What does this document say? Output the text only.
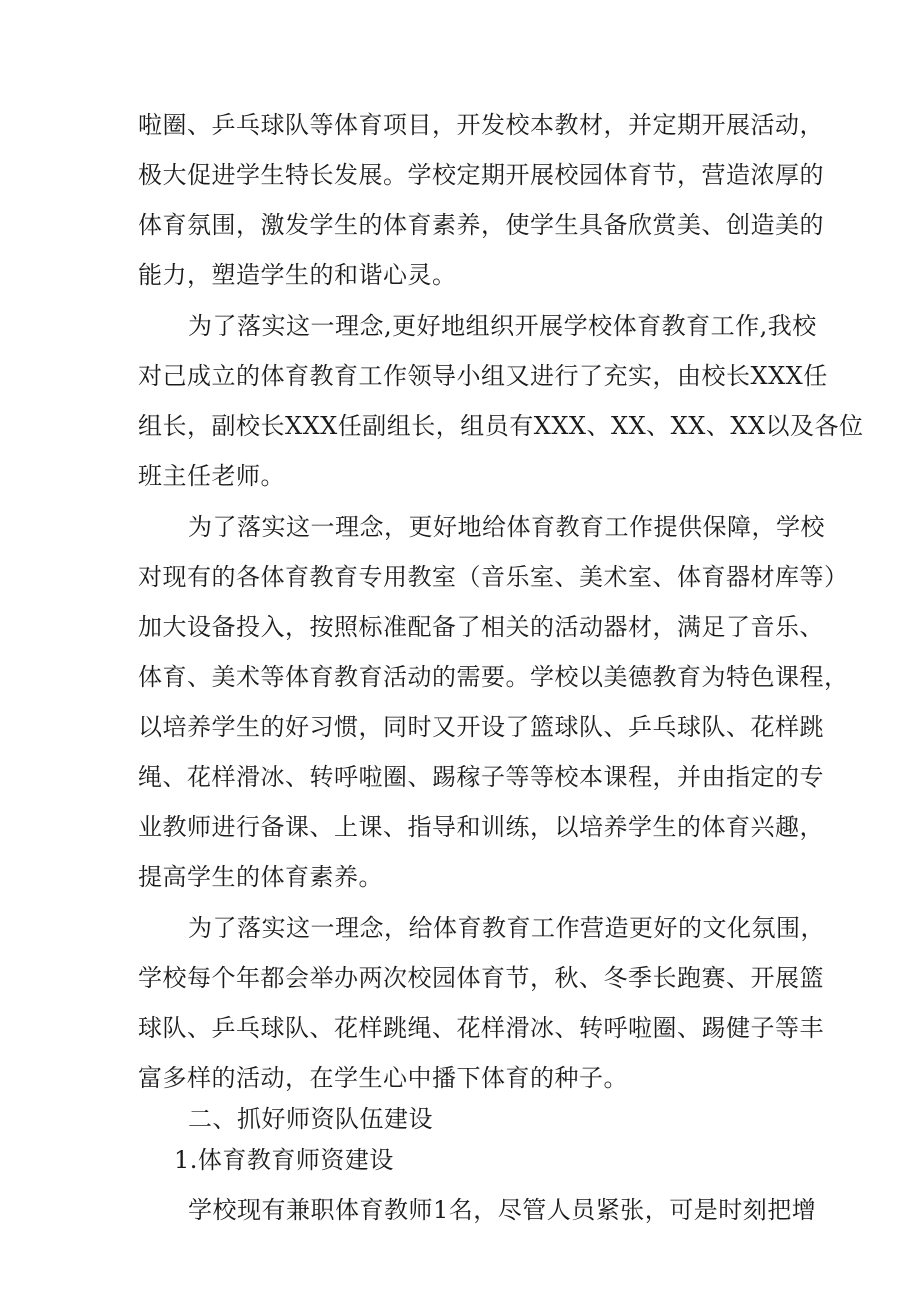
啦圈、乒乓球队等体育项目，开发校本教材，并定期开展活动，
极大促进学生特长发展。学校定期开展校园体育节，营造浓厚的
体育氛围，激发学生的体育素养，使学生具备欣赏美、创造美的
能力，塑造学生的和谐心灵。
为了落实这一理念,更好地组织开展学校体育教育工作,我校
对己成立的体育教育工作领导小组又进行了充实，由校长XXX任
组长，副校长XXX任副组长，组员有XXX、XX、XX、XX以及各位
班主任老师。
为了落实这一理念，更好地给体育教育工作提供保障，学校
对现有的各体育教育专用教室（音乐室、美术室、体育器材库等）
加大设备投入，按照标准配备了相关的活动器材，满足了音乐、
体育、美术等体育教育活动的需要。学校以美德教育为特色课程，
以培养学生的好习惯，同时又开设了篮球队、乒乓球队、花样跳
绳、花样滑冰、转呼啦圈、踢稼子等等校本课程，并由指定的专
业教师进行备课、上课、指导和训练，以培养学生的体育兴趣，
提高学生的体育素养。
为了落实这一理念，给体育教育工作营造更好的文化氛围，
学校每个年都会举办两次校园体育节，秋、冬季长跑赛、开展篮
球队、乒乓球队、花样跳绳、花样滑冰、转呼啦圈、踢健子等丰
富多样的活动，在学生心中播下体育的种子。
二、抓好师资队伍建设
1.体育教育师资建设
学校现有兼职体育教师1名，尽管人员紧张，可是时刻把增
